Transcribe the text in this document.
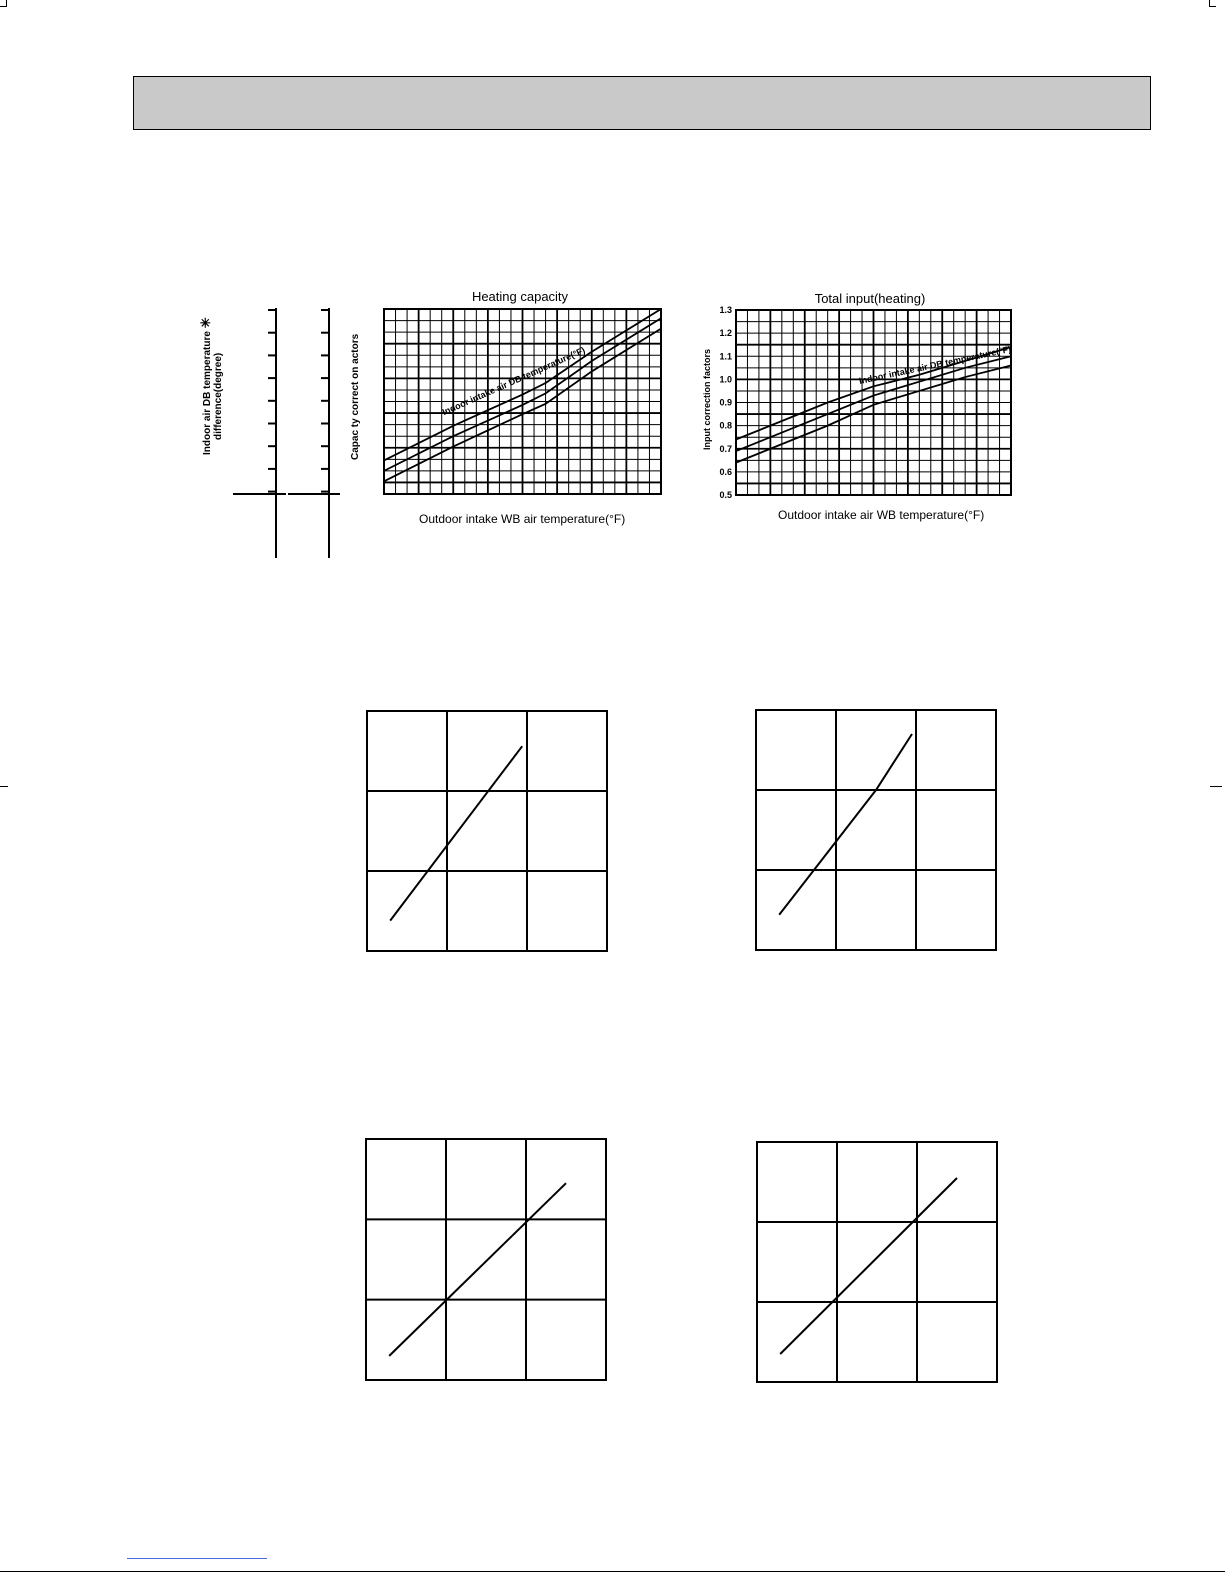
Indoor air DB temperature ✳
difference(degree)
Heating capacity
Capac ty correct on actors	Indoor intake air DB temperature(°F)
Outdoor intake WB air temperature(°F)
Total input(heating)
Input correction factors
0.5
0.6
0.7
0.8
0.9
1.0
1.1
1.2
1.3
Indoor intake air DB temperature(°F)
Outdoor intake air WB temperature(°F)
